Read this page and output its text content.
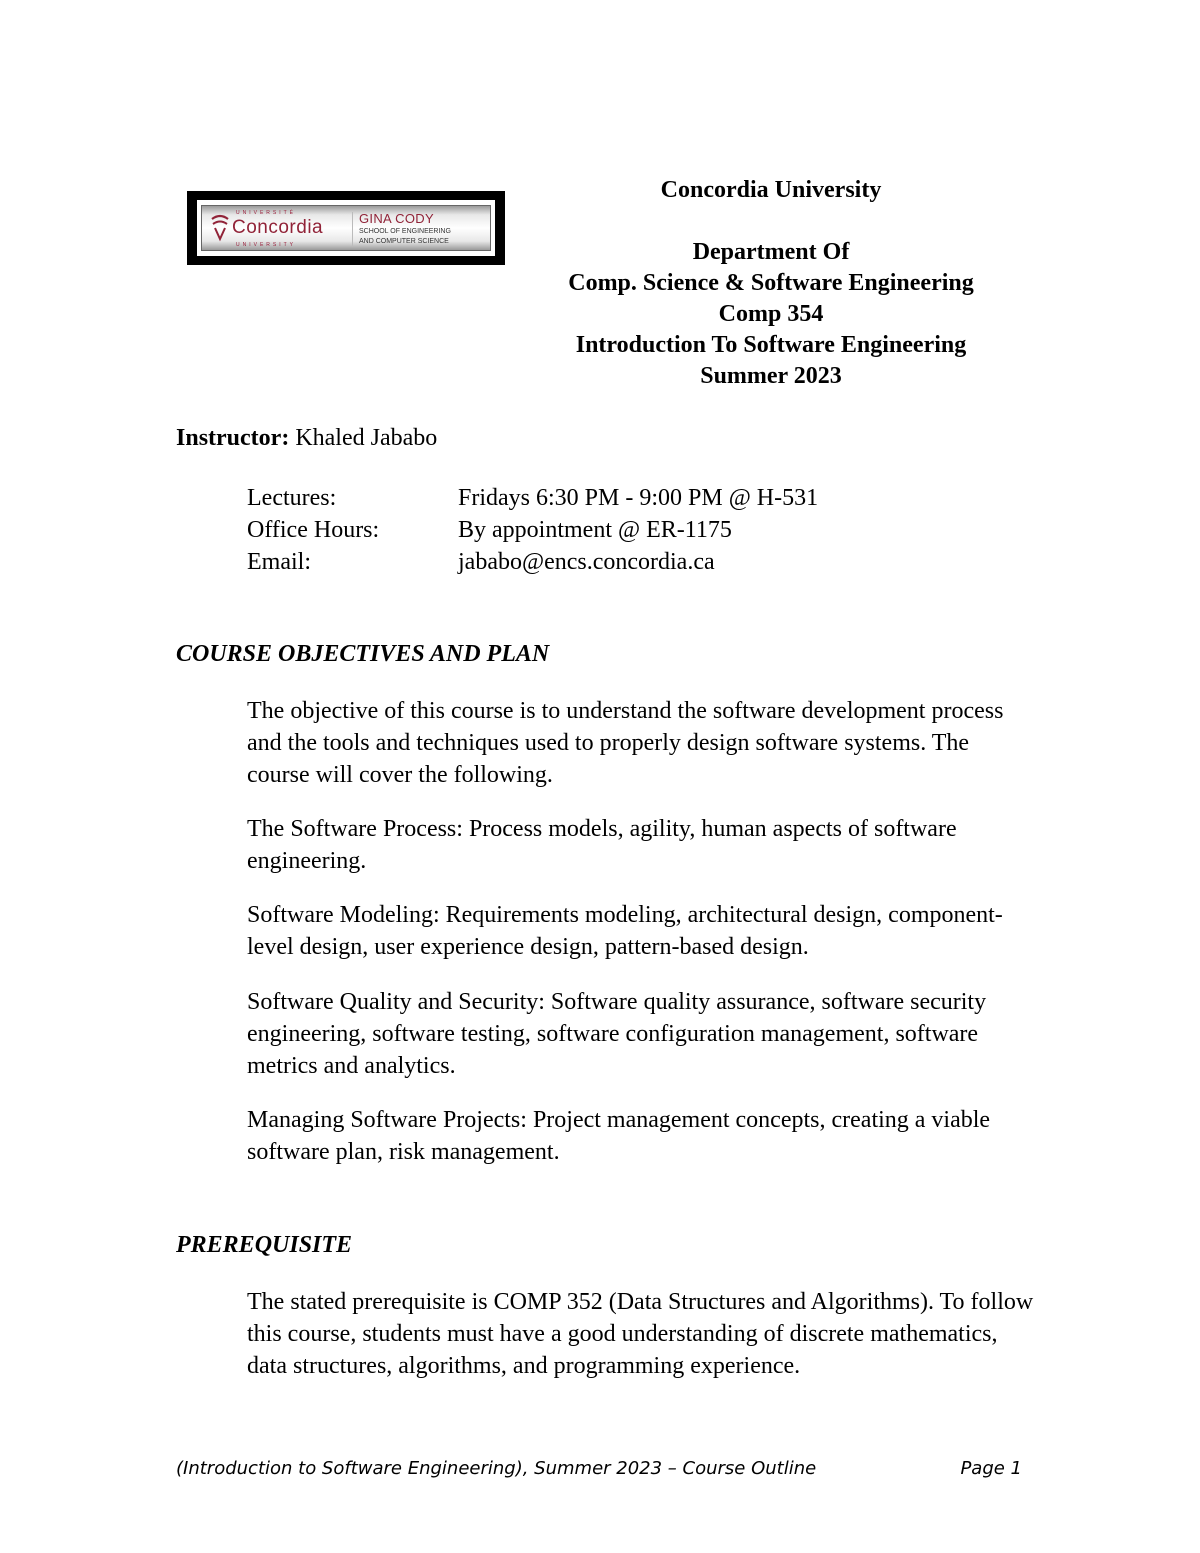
UNIVERSITÉ
Concordia
UNIVERSITY
GINA CODY
SCHOOL OF ENGINEERING
AND COMPUTER SCIENCE
Concordia University
Department Of
Comp. Science & Software Engineering
Comp 354
Introduction To Software Engineering
Summer 2023
Instructor: Khaled Jababo
Lectures:	Fridays 6:30 PM - 9:00 PM @ H-531
Office Hours:	By appointment @ ER-1175
Email:	jababo@encs.concordia.ca
COURSE OBJECTIVES AND PLAN
The objective of this course is to understand the software development process and the tools and techniques used to properly design software systems. The course will cover the following.
The Software Process: Process models, agility, human aspects of software engineering.
Software Modeling: Requirements modeling, architectural design, component-level design, user experience design, pattern-based design.
Software Quality and Security: Software quality assurance, software security engineering, software testing, software configuration management, software metrics and analytics.
Managing Software Projects: Project management concepts, creating a viable software plan, risk management.
PREREQUISITE
The stated prerequisite is COMP 352 (Data Structures and Algorithms). To follow this course, students must have a good understanding of discrete mathematics, data structures, algorithms, and programming experience.
(Introduction to Software Engineering), Summer 2023 – Course Outline	Page 1
